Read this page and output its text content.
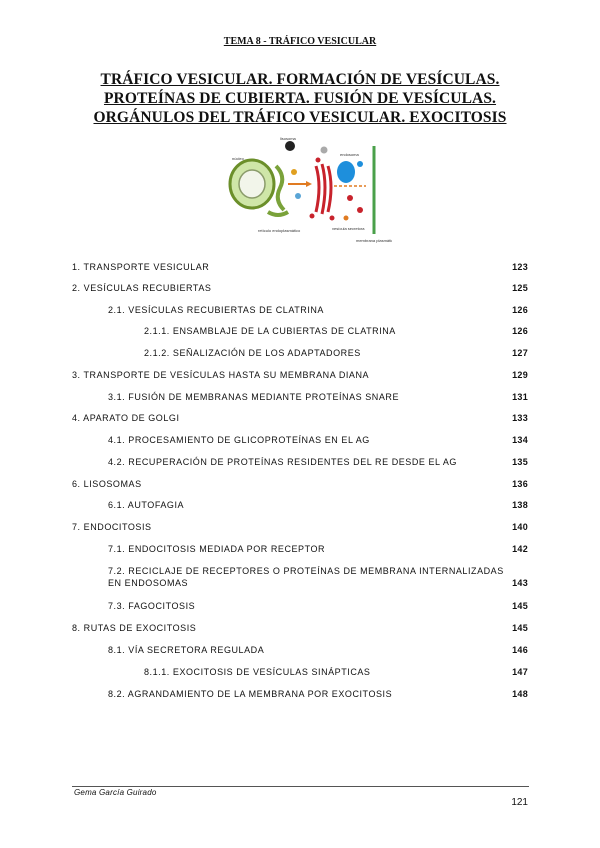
TEMA 8 - TRÁFICO VESICULAR
TRÁFICO VESICULAR. FORMACIÓN DE VESÍCULAS.
PROTEÍNAS DE CUBIERTA. FUSIÓN DE VESÍCULAS.
ORGÁNULOS DEL TRÁFICO VESICULAR. EXOCITOSIS
núcleo
retículo endoplasmático
lisosoma
endosoma
membrana plasmática
vesícula secretora
1. TRANSPORTE VESICULAR	123
2. VESÍCULAS RECUBIERTAS	125
2.1. VESÍCULAS RECUBIERTAS DE CLATRINA	126
2.1.1. ENSAMBLAJE DE LA CUBIERTAS DE CLATRINA	126
2.1.2. SEÑALIZACIÓN DE LOS ADAPTADORES	127
3. TRANSPORTE DE VESÍCULAS HASTA SU MEMBRANA DIANA	129
3.1. FUSIÓN DE MEMBRANAS MEDIANTE PROTEÍNAS SNARE	131
4. APARATO DE GOLGI	133
4.1. PROCESAMIENTO DE GLICOPROTEÍNAS EN EL AG	134
4.2. RECUPERACIÓN DE PROTEÍNAS RESIDENTES DEL RE DESDE EL AG	135
6. LISOSOMAS	136
6.1. AUTOFAGIA	138
7. ENDOCITOSIS	140
7.1. ENDOCITOSIS MEDIADA POR RECEPTOR	142
7.2. RECICLAJE DE RECEPTORES O PROTEÍNAS DE MEMBRANA INTERNALIZADAS
EN ENDOSOMAS	143
7.3. FAGOCITOSIS	145
8. RUTAS DE EXOCITOSIS	145
8.1. VÍA SECRETORA REGULADA	146
8.1.1. EXOCITOSIS DE VESÍCULAS SINÁPTICAS	147
8.2. AGRANDAMIENTO DE LA MEMBRANA POR EXOCITOSIS	148
Gema García Guirado
121
